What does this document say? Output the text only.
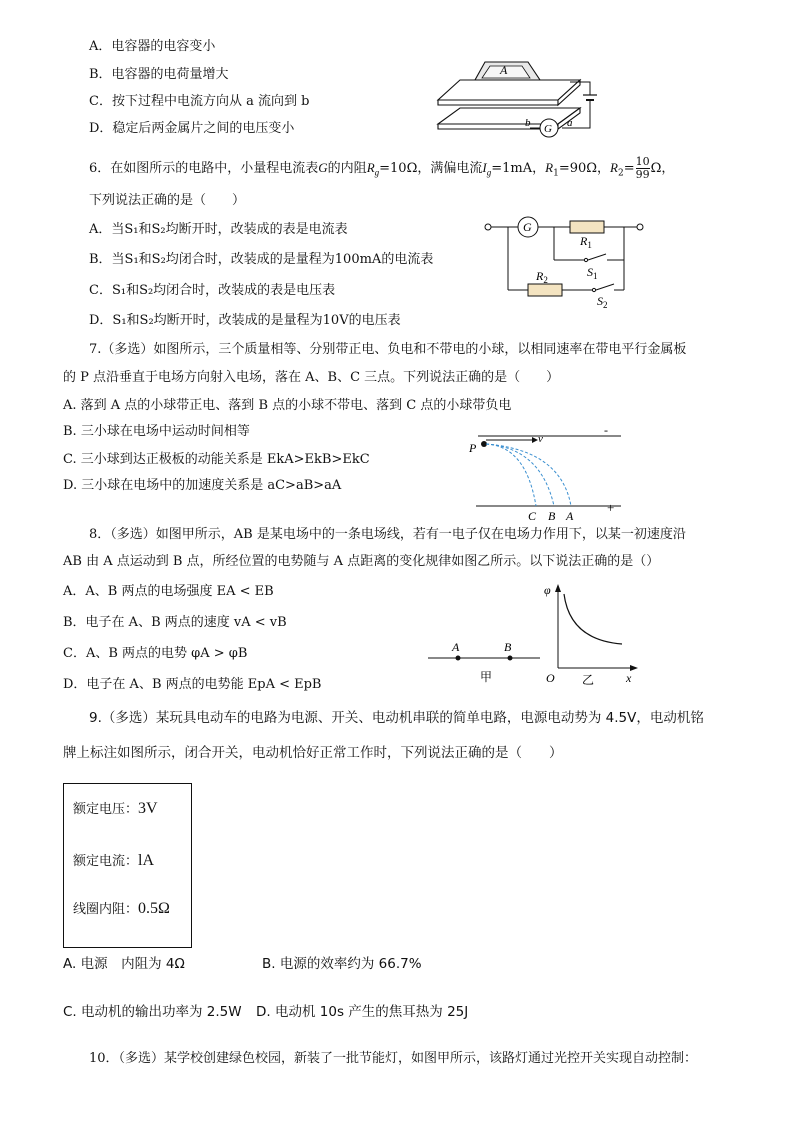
A．电容器的电容变小
B．电容器的电荷量增大
C．按下过程中电流方向从 a 流向到 b
D．稳定后两金属片之间的电压变小
A
G
b	a
6．在如图所示的电路中，小量程电流表G的内阻$R_g=10\Omega$，满偏电流$I_g=1mA$，$R_1=90\Omega$，$R_2= \frac{10}{99}$ Ω，
下列说法正确的是（　　）
A．当S₁和S₂均断开时，改装成的表是电流表
B．当S₁和S₂均闭合时，改装成的是量程为100mA的电流表
C．S₁和S₂均闭合时，改装成的表是电压表
D．S₁和S₂均断开时，改装成的是量程为10V的电压表
G
$R_1$
$S_1$
$R_2$
$S_2$
7.（多选）如图所示，三个质量相等、分别带正电、负电和不带电的小球，以相同速率在带电平行金属板
的 P 点沿垂直于电场方向射入电场，落在 A、B、C 三点。下列说法正确的是（　　）
A. 落到 A 点的小球带正电、落到 B 点的小球不带电、落到 C 点的小球带负电
B. 三小球在电场中运动时间相等
C. 三小球到达正极板的动能关系是 EkA>EkB>EkC
D. 三小球在电场中的加速度关系是 aC>aB>aA
-
+
P
v
C B A
8．（多选）如图甲所示，AB 是某电场中的一条电场线，若有一电子仅在电场力作用下，以某一初速度沿
AB 由 A 点运动到 B 点，所经位置的电势随与 A 点距离的变化规律如图乙所示。以下说法正确的是（）
A．A、B 两点的电场强度 EA < EB
B．电子在 A、B 两点的速度 vA < vB
C．A、B 两点的电势 φA > φB
D．电子在 A、B 两点的电势能 EpA < EpB
A	B
甲
φ
O	x
乙
9.（多选）某玩具电动车的电路为电源、开关、电动机串联的简单电路，电源电动势为 4.5V，电动机铭
牌上标注如图所示，闭合开关，电动机恰好正常工作时，下列说法正确的是（　　）
额定电压：3V
额定电流：lA
线圈内阻：0.5Ω
A. 电源　内阻为 4Ω	B. 电源的效率约为 66.7%
C. 电动机的输出功率为 2.5W D. 电动机 10s 产生的焦耳热为 25J
10．（多选）某学校创建绿色校园，新装了一批节能灯，如图甲所示，该路灯通过光控开关实现自动控制：
